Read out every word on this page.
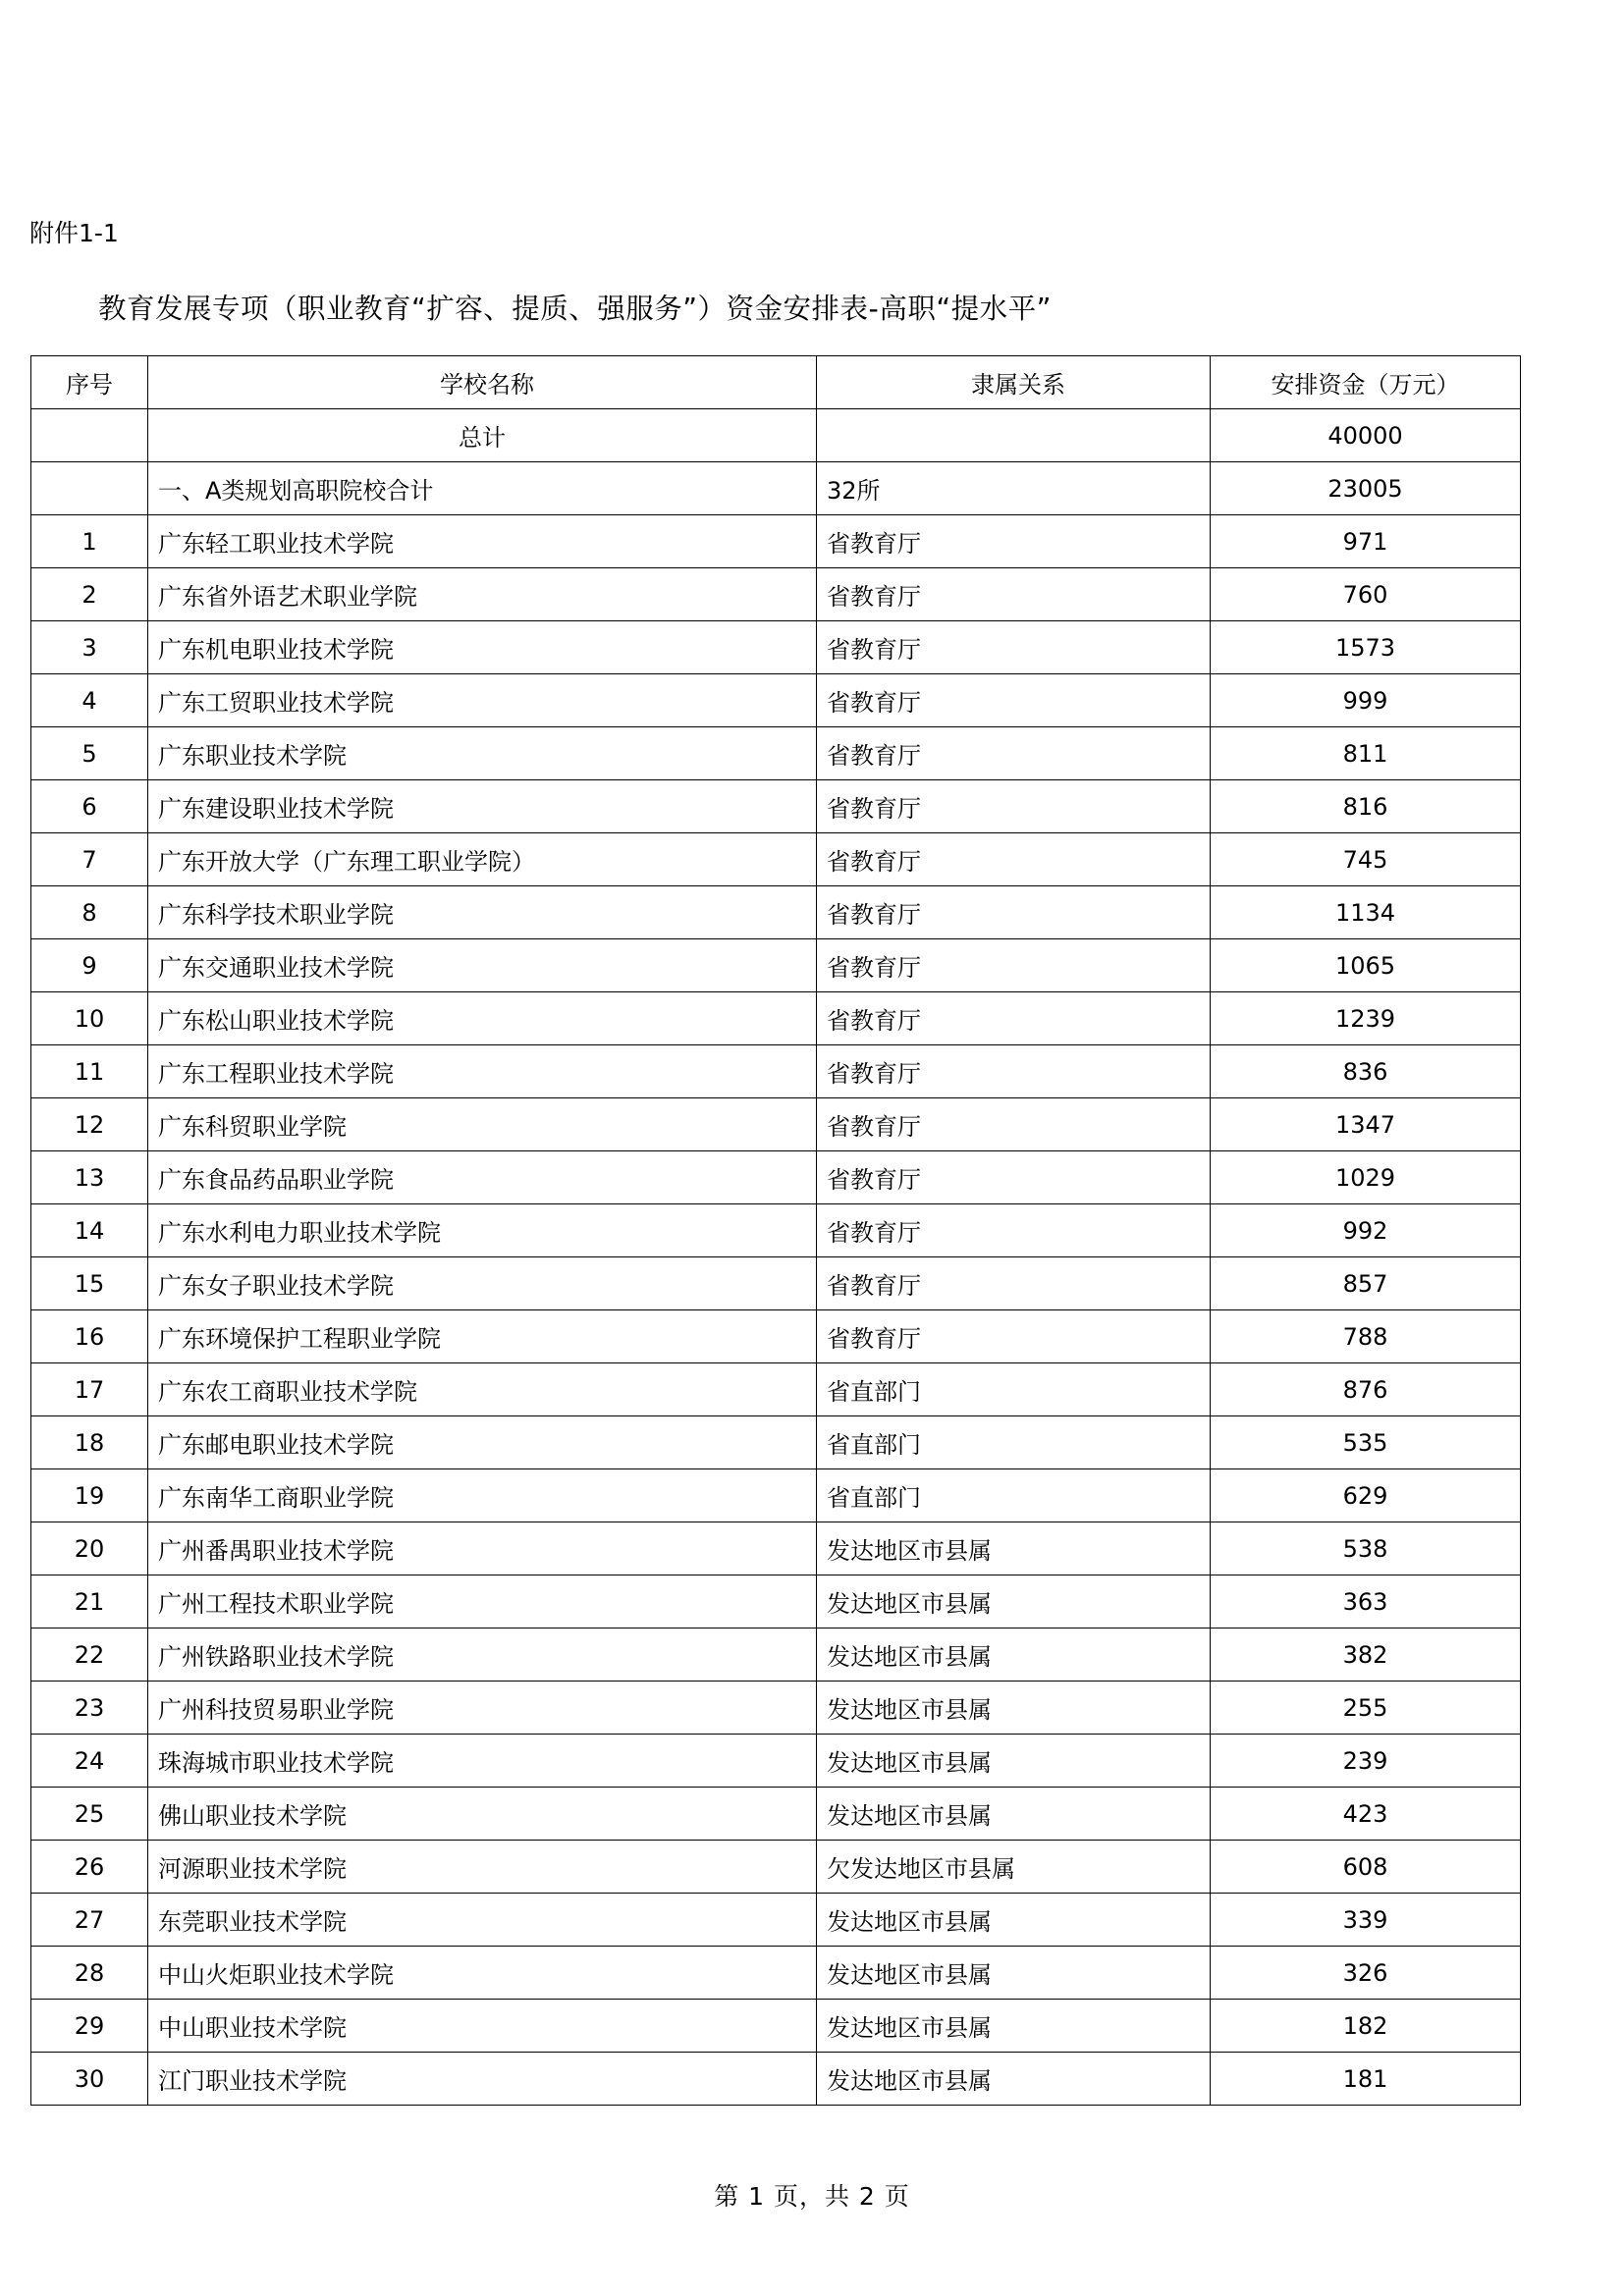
附件1-1
教育发展专项（职业教育“扩容、提质、强服务”）资金安排表-高职“提水平”
序号	学校名称	隶属关系	安排资金（万元）
	总计		40000
	一、A类规划高职院校合计	32所	23005
1	广东轻工职业技术学院	省教育厅	971
2	广东省外语艺术职业学院	省教育厅	760
3	广东机电职业技术学院	省教育厅	1573
4	广东工贸职业技术学院	省教育厅	999
5	广东职业技术学院	省教育厅	811
6	广东建设职业技术学院	省教育厅	816
7	广东开放大学（广东理工职业学院）	省教育厅	745
8	广东科学技术职业学院	省教育厅	1134
9	广东交通职业技术学院	省教育厅	1065
10	广东松山职业技术学院	省教育厅	1239
11	广东工程职业技术学院	省教育厅	836
12	广东科贸职业学院	省教育厅	1347
13	广东食品药品职业学院	省教育厅	1029
14	广东水利电力职业技术学院	省教育厅	992
15	广东女子职业技术学院	省教育厅	857
16	广东环境保护工程职业学院	省教育厅	788
17	广东农工商职业技术学院	省直部门	876
18	广东邮电职业技术学院	省直部门	535
19	广东南华工商职业学院	省直部门	629
20	广州番禺职业技术学院	发达地区市县属	538
21	广州工程技术职业学院	发达地区市县属	363
22	广州铁路职业技术学院	发达地区市县属	382
23	广州科技贸易职业学院	发达地区市县属	255
24	珠海城市职业技术学院	发达地区市县属	239
25	佛山职业技术学院	发达地区市县属	423
26	河源职业技术学院	欠发达地区市县属	608
27	东莞职业技术学院	发达地区市县属	339
28	中山火炬职业技术学院	发达地区市县属	326
29	中山职业技术学院	发达地区市县属	182
30	江门职业技术学院	发达地区市县属	181
第 1 页，共 2 页
